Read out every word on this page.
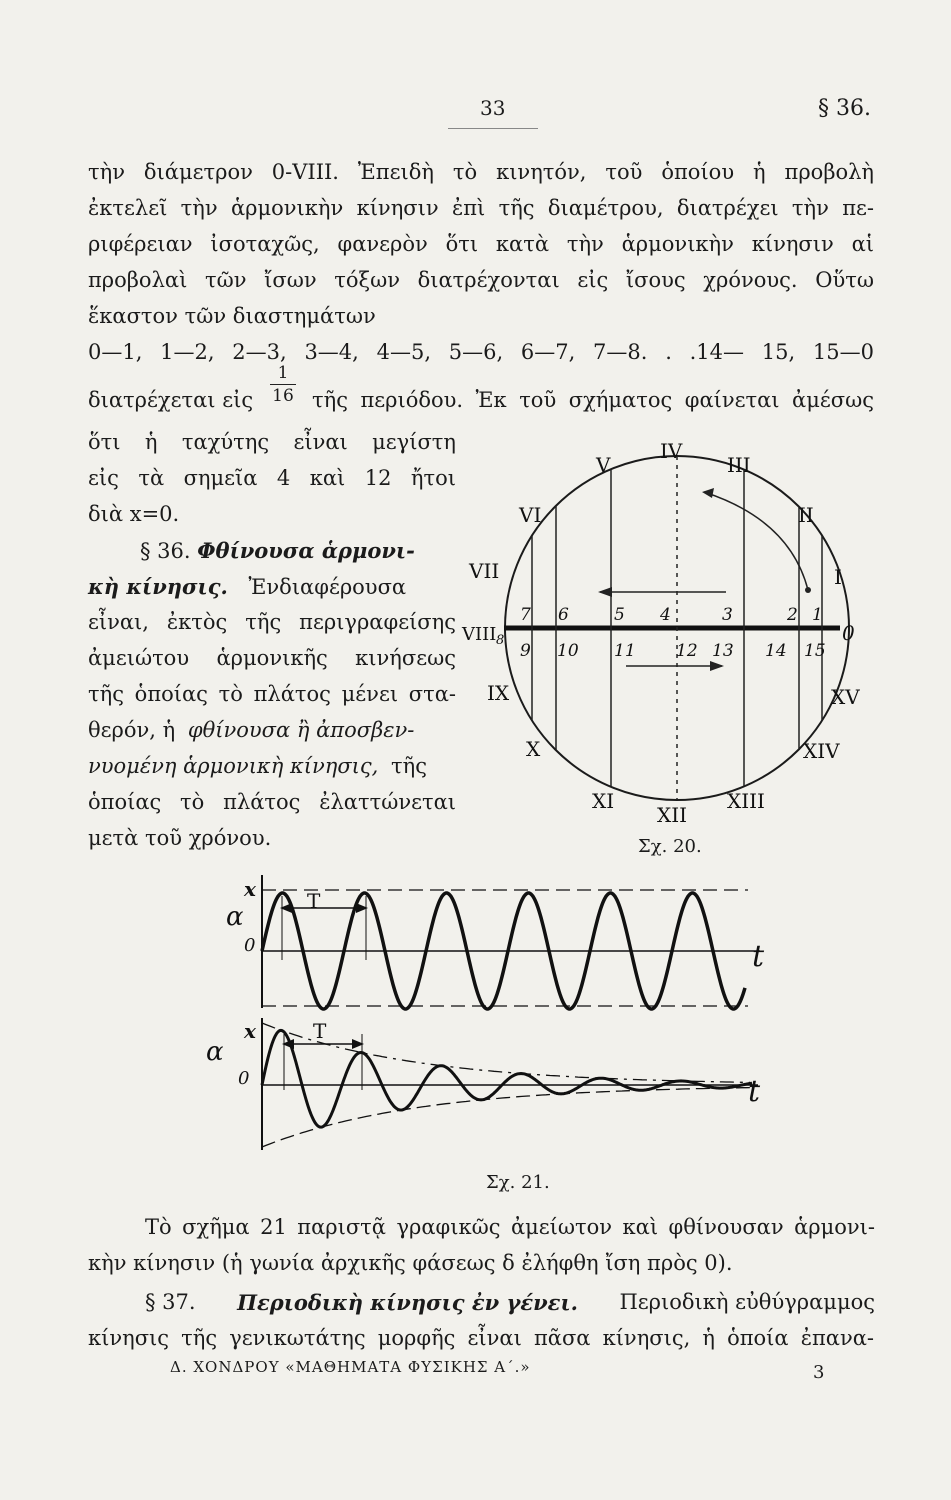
33	§ 36.
τὴν διάμετρον 0-VIII. Ἐπειδὴ τὸ κινητόν, τοῦ ὁποίου ἡ προβολὴ
ἐκτελεῖ τὴν ἁρμονικὴν κίνησιν ἐπὶ τῆς διαμέτρου, διατρέχει τὴν πε-
ριφέρειαν ἰσοταχῶς, φανερὸν ὅτι κατὰ τὴν ἁρμονικὴν κίνησιν αἱ
προβολαὶ τῶν ἴσων τόξων διατρέχονται εἰς ἴσους χρόνους. Οὕτω
ἕκαστον τῶν διαστημάτων
0—1, 1—2, 2—3, 3—4, 4—5, 5—6, 6—7, 7—8. . .14— 15, 15—0
διατρέχεται εἰς $\frac{1}{16}$ τῆς περιόδου. Ἐκ τοῦ σχήματος φαίνεται ἀμέσως
ὅτι ἡ ταχύτης εἶναι μεγίστη
εἰς τὰ σημεῖα 4 καὶ 12 ἤτοι
διὰ x=0.
§ 36. Φθίνουσα ἁρμονι-
κὴ κίνησις. Ἐνδιαφέρουσα
εἶναι, ἐκτὸς τῆς περιγραφείσης
ἀμειώτου ἁρμονικῆς κινήσεως
τῆς ὁποίας τὸ πλάτος μένει στα-
θερόν, ἡ φθίνουσα ἢ ἀποσβεν-
νυομένη ἁρμονικὴ κίνησις, τῆς
ὁποίας τὸ πλάτος ἐλαττώνεται
μετὰ τοῦ χρόνου.
I
II
III
IV
V
VI
VII
VIII
IX
X
XI
XII
XIII
XIV
XV
0
1
2
3
4
5
6
7
8
9 10 11 12 13 14 15
Σχ. 20.
T
α
x
0	t
T
α
x
0	t
Σχ. 21.
Τὸ σχῆμα 21 παριστᾷ γραφικῶς ἀμείωτον καὶ φθίνουσαν ἁρμονι-
κὴν κίνησιν (ἡ γωνία ἀρχικῆς φάσεως δ ἐλήφθη ἴση πρὸς 0).
§ 37. Περιοδικὴ κίνησις ἐν γένει. Περιοδικὴ εὐθύγραμμος
κίνησις τῆς γενικωτάτης μορφῆς εἶναι πᾶσα κίνησις, ἡ ὁποία ἐπανα-
Δ. ΧΟΝΔΡΟΥ «ΜΑΘΗΜΑΤΑ ΦΥΣΙΚΗΣ Α΄.»	3
